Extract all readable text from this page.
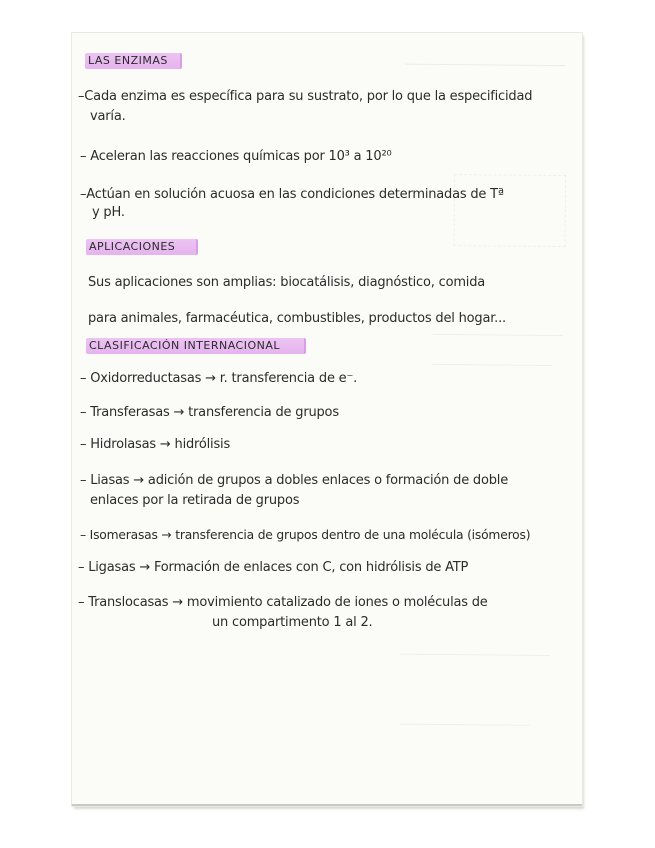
LAS ENZIMAS
–Cada enzima es específica para su sustrato, por lo que la especificidad
varía.
– Aceleran las reacciones químicas por 10³ a 10²⁰
–Actúan en solución acuosa en las condiciones determinadas de Tª
y pH.
APLICACIONES
Sus aplicaciones son amplias: biocatálisis, diagnóstico, comida
para animales, farmacéutica, combustibles, productos del hogar...
CLASIFICACIÓN INTERNACIONAL
– Oxidorreductasas → r. transferencia de e⁻.
– Transferasas → transferencia de grupos
– Hidrolasas → hidrólisis
– Liasas → adición de grupos a dobles enlaces o formación de doble
enlaces por la retirada de grupos
– Isomerasas → transferencia de grupos dentro de una molécula (isómeros)
– Ligasas → Formación de enlaces con C, con hidrólisis de ATP
– Translocasas → movimiento catalizado de iones o moléculas de
un compartimento 1 al 2.
